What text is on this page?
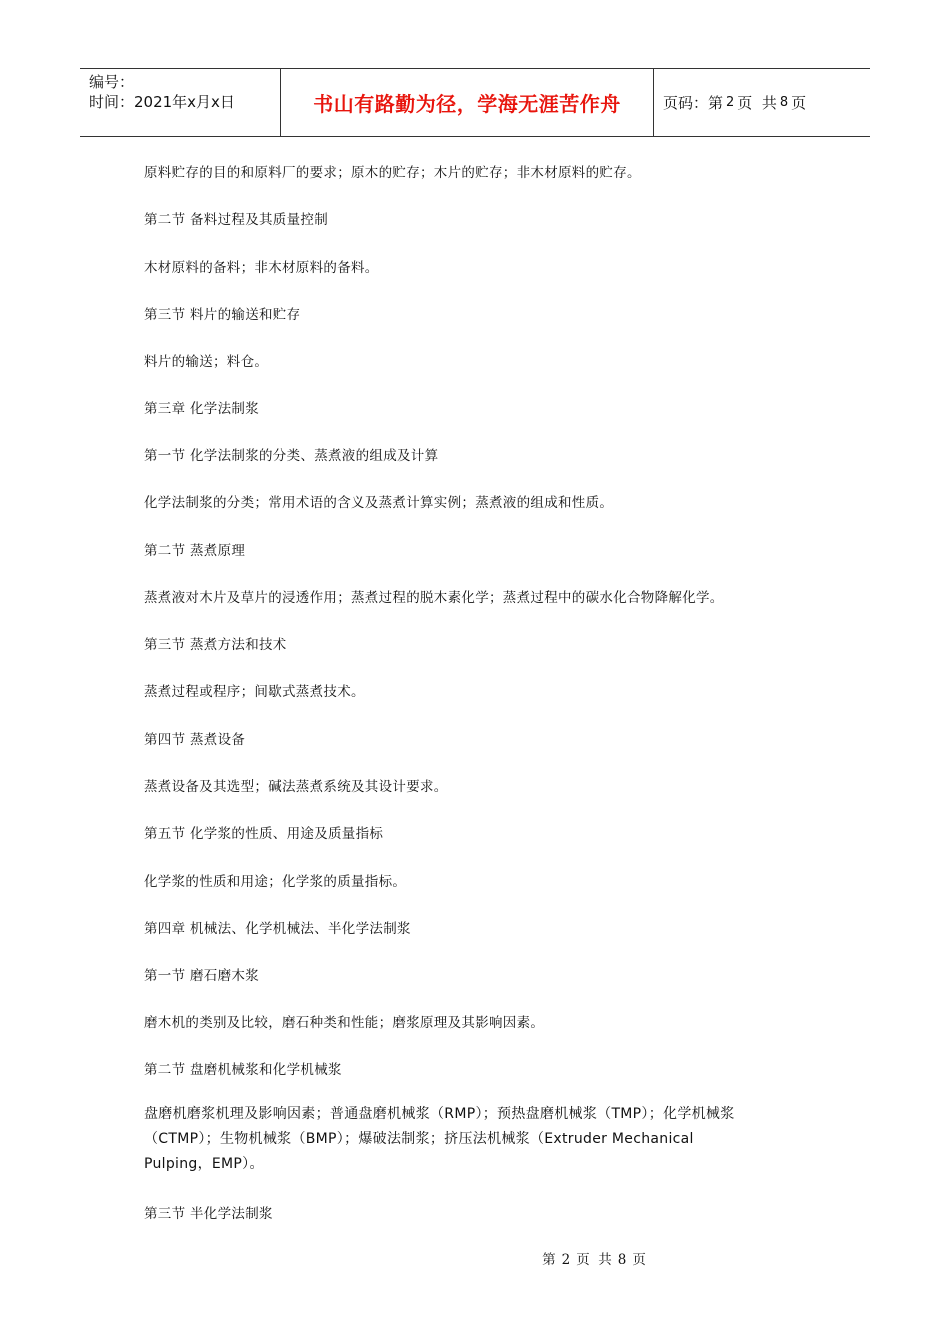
编号：
时间：2021年x月x日	书山有路勤为径，学海无涯苦作舟	页码：第 2 页  共 8 页
原料贮存的目的和原料厂的要求；原木的贮存；木片的贮存；非木材原料的贮存。
第二节 备料过程及其质量控制
木材原料的备料；非木材原料的备料。
第三节 料片的输送和贮存
料片的输送；料仓。
第三章 化学法制浆
第一节 化学法制浆的分类、蒸煮液的组成及计算
化学法制浆的分类；常用术语的含义及蒸煮计算实例；蒸煮液的组成和性质。
第二节 蒸煮原理
蒸煮液对木片及草片的浸透作用；蒸煮过程的脱木素化学；蒸煮过程中的碳水化合物降解化学。
第三节 蒸煮方法和技术
蒸煮过程或程序；间歇式蒸煮技术。
第四节 蒸煮设备
蒸煮设备及其选型；碱法蒸煮系统及其设计要求。
第五节 化学浆的性质、用途及质量指标
化学浆的性质和用途；化学浆的质量指标。
第四章 机械法、化学机械法、半化学法制浆
第一节 磨石磨木浆
磨木机的类别及比较，磨石种类和性能；磨浆原理及其影响因素。
第二节 盘磨机械浆和化学机械浆
盘磨机磨浆机理及影响因素；普通盘磨机械浆（RMP）；预热盘磨机械浆（TMP）；化学机械浆
（CTMP）；生物机械浆（BMP）；爆破法制浆；挤压法机械浆（Extruder Mechanical
Pulping，EMP）。
第三节 半化学法制浆
第 2 页  共 8 页
